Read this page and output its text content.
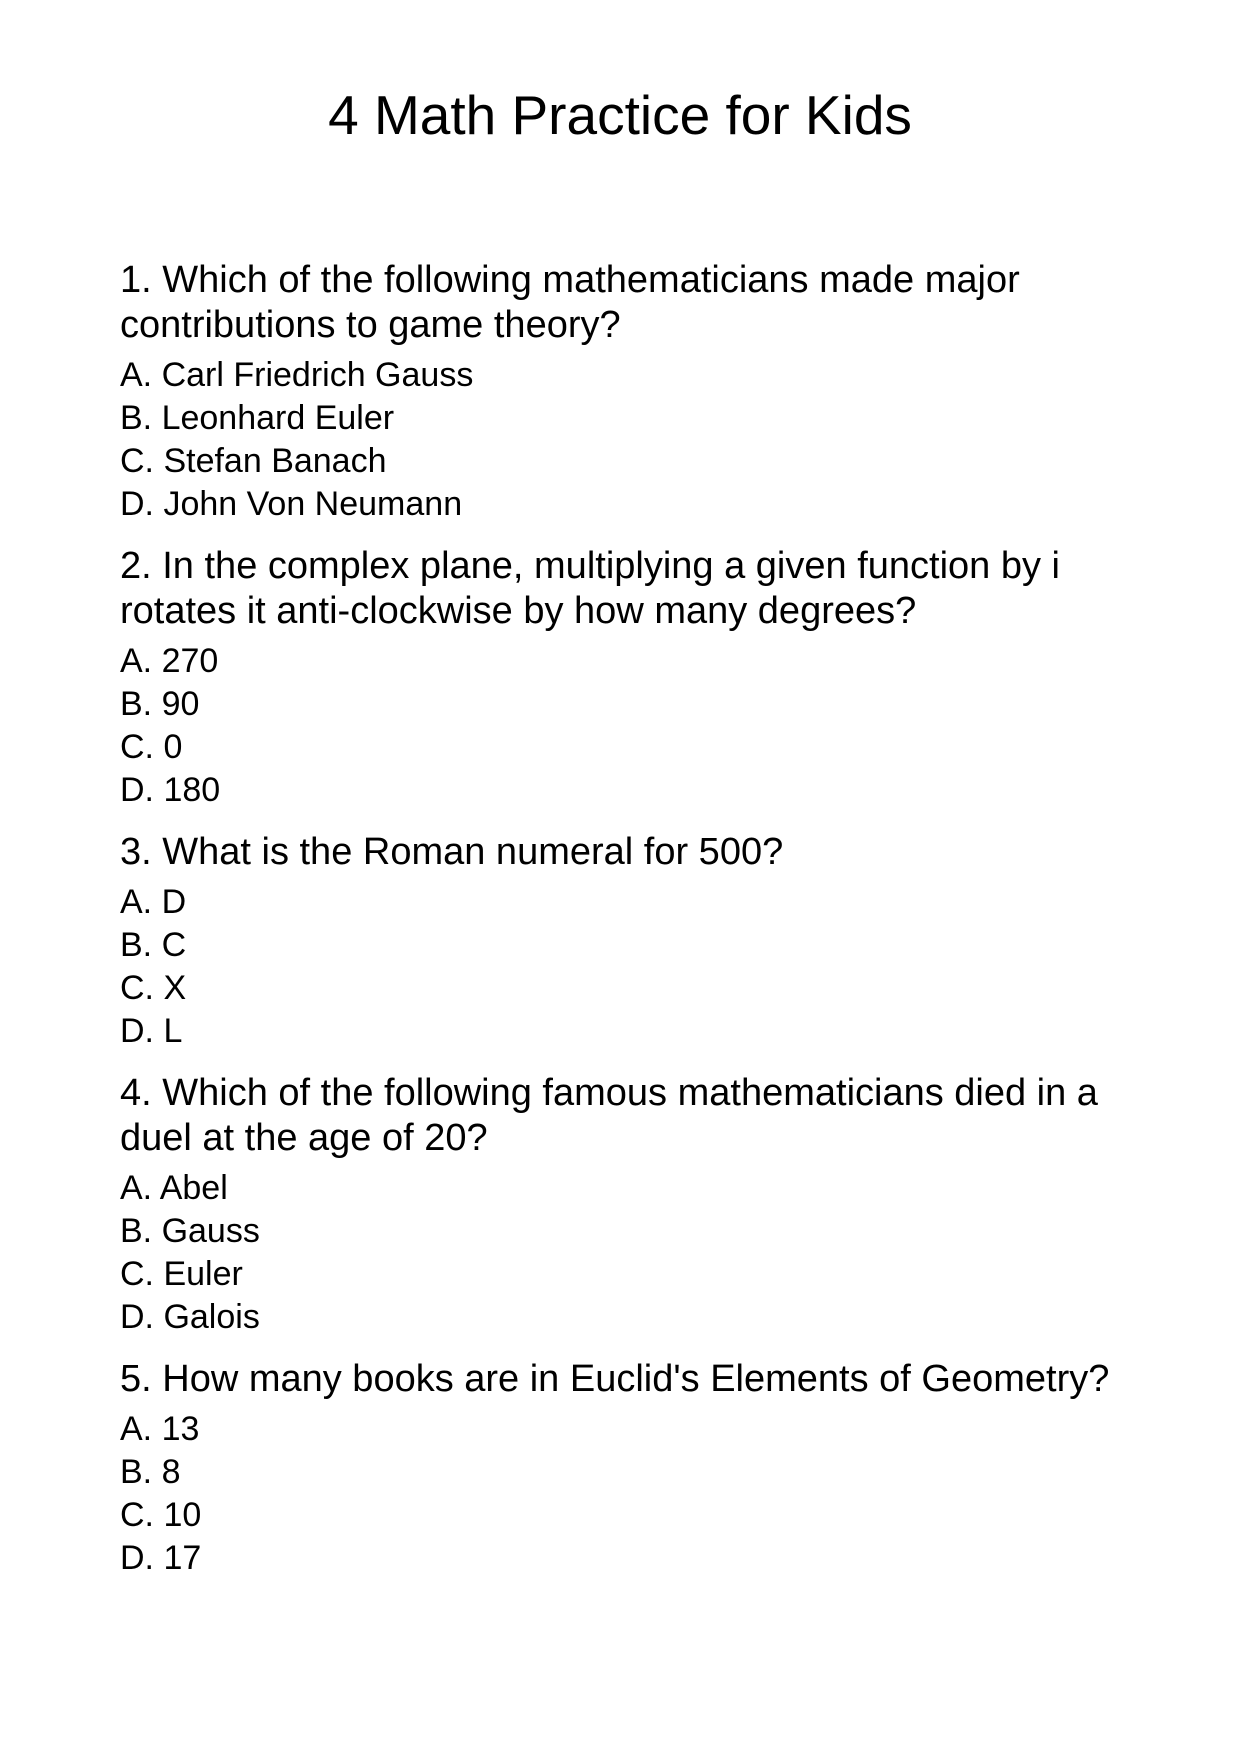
4 Math Practice for Kids

1. Which of the following mathematicians made major contributions to game theory?

A. Carl Friedrich Gauss
B. Leonhard Euler
C. Stefan Banach
D. John Von Neumann

2. In the complex plane, multiplying a given function by i rotates it anti-clockwise by how many degrees?

A. 270
B. 90
C. 0
D. 180

3. What is the Roman numeral for 500?

A. D
B. C
C. X
D. L

4. Which of the following famous mathematicians died in a duel at the age of 20?

A. Abel
B. Gauss
C. Euler
D. Galois

5. How many books are in Euclid's Elements of Geometry?

A. 13
B. 8
C. 10
D. 17
